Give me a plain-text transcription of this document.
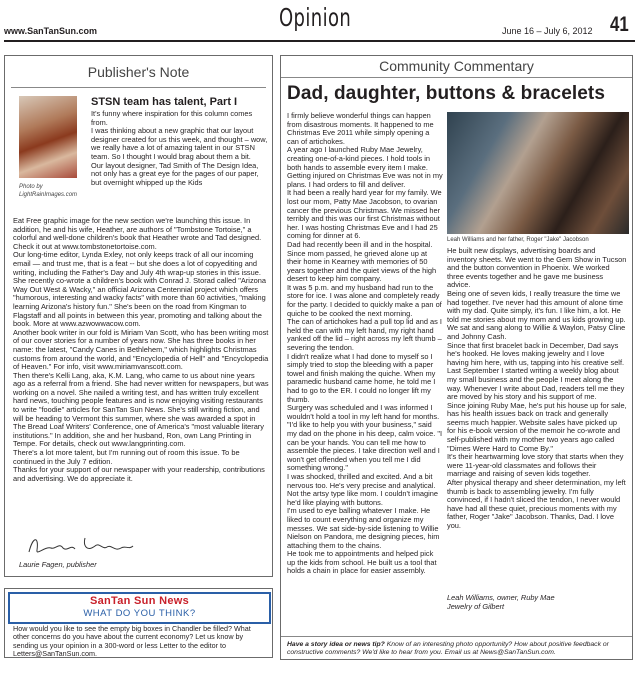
www.SanTanSun.com	Opinion	June 16 – July 6, 2012 41
Publisher's Note
Photo by LightRainImages.com
STSN team has talent, Part I
It's funny where inspiration for this column comes from.
I was thinking about a new graphic that our layout designer created for us this week, and thought – wow, we really have a lot of amazing talent in our STSN team. So I thought I would brag about them a bit.
Our layout designer, Tad Smith of The Design Idea, not only has a great eye for the pages of our paper, but overnight whipped up the Kids
Eat Free graphic image for the new section we're launching this issue. In addition, he and his wife, Heather, are authors of "Tombstone Tortoise," a colorful and well-done children's book that Heather wrote and Tad designed. Check it out at www.tombstonetortoise.com.
Our long-time editor, Lynda Exley, not only keeps track of all our incoming email — and trust me, that is a feat -- but she does a lot of copyediting and writing, including the Father's Day and July 4th wrap-up stories in this issue. She recently co-wrote a children's book with Conrad J. Storad called "Arizona Way Out West & Wacky," an official Arizona Centennial project which offers "humorous, interesting and wacky facts" with more than 60 activities, "making learning Arizona's history fun." She's been on the road from Kingman to Flagstaff and all points in between this year, promoting and talking about the book. More at www.azwowwacow.com.
Another book writer in our fold is Miriam Van Scott, who has been writing most of our cover stories for a number of years now. She has three books in her name: the latest, "Candy Canes in Bethlehem," which highlights Christmas customs from around the world, and "Encyclopedia of Hell" and "Encyclopedia of Heaven." For info, visit www.miriamvanscott.com.
Then there's Kelli Lang, aka, K.M. Lang, who came to us about nine years ago as a referral from a friend. She had never written for newspapers, but was working on a novel. She nailed a writing test, and has written truly excellent hard news, touching people features and is now enjoying visiting restaurants to write "foodie" articles for SanTan Sun News. She's still writing fiction, and will be heading to Vermont this summer, where she was awarded a spot in The Bread Loaf Writers' Conference, one of America's "most valuable literary institutions." In addition, she and her husband, Ron, own Lang Printing in Tempe. For details, check out www.langprinting.com.
There's a lot more talent, but I'm running out of room this issue. To be continued in the July 7 edition.
Thanks for your support of our newspaper with your readership, contributions and advertising. We do appreciate it.
Laurie Fagen, publisher
SanTan Sun News
WHAT DO YOU THINK?
How would you like to see the empty big boxes in Chandler be filled? What other concerns do you have about the current economy? Let us know by sending us your opinion in a 300-word or less Letter to the editor to Letters@SanTanSun.com.
Community Commentary
Dad, daughter, buttons & bracelets
I firmly believe wonderful things can happen from disastrous moments. It happened to me Christmas Eve 2011 while simply opening a can of artichokes.
A year ago I launched Ruby Mae Jewelry, creating one-of-a-kind pieces. I hold tools in both hands to assemble every item I make. Getting injured on Christmas Eve was not in my plans. I had orders to fill and deliver.
It had been a really hard year for my family. We lost our mom, Patty Mae Jacobson, to ovarian cancer the previous Christmas. We missed her terribly and this was our first Christmas without her. I was hosting Christmas Eve and I had 25 coming for dinner at 6.
Dad had recently been ill and in the hospital. Since mom passed, he grieved alone up at their home in Kearney with memories of 50 years together and the quiet views of the high desert to keep him company.
It was 5 p.m. and my husband had run to the store for ice. I was alone and completely ready for the party. I decided to quickly make a pan of quiche to be cooked the next morning.
The can of artichokes had a pull top lid and as I held the can with my left hand, my right hand yanked off the lid – right across my left thumb – severing the tendon.
I didn't realize what I had done to myself so I simply tried to stop the bleeding with a paper towel and finish making the quiche. When my paramedic husband came home, he told me I had to go to the ER. I could no longer lift my thumb.
Surgery was scheduled and I was informed I wouldn't hold a tool in my left hand for months.
"I'd like to help you with your business," said my dad on the phone in his deep, calm voice. "I can be your hands. You can tell me how to assemble the pieces. I take direction well and I won't get offended when you tell me I did something wrong."
I was shocked, thrilled and excited. And a bit nervous too. He's very precise and analytical. Not the artsy type like mom. I couldn't imagine he'd like playing with buttons.
I'm used to eye balling whatever I make. He liked to count everything and organize my messes. We sat side-by-side listening to Willie Nielson on Pandora, me designing pieces, him attaching them to the chains.
He took me to appointments and helped pick up the kids from school. He built us a tool that holds a chain in place for easier assembly.
Leah Williams and her father, Roger "Jake" Jacobson
He built new displays, advertising boards and inventory sheets. We went to the Gem Show in Tucson and the button convention in Phoenix. We worked three events together and he gave me business advice.
Being one of seven kids, I really treasure the time we had together. I've never had this amount of alone time with my dad. Quite simply, it's fun. I like him, a lot. He told me stories about my mom and us kids growing up. We sat and sang along to Willie & Waylon, Patsy Cline and Johnny Cash.
Since that first bracelet back in December, Dad says he's hooked. He loves making jewelry and I love having him here, with us, tapping into his creative self.
Last September I started writing a weekly blog about my small business and the people I meet along the way. Whenever I write about Dad, readers tell me they are moved by his story and his support of me.
Since joining Ruby Mae, he's put his house up for sale, has his health issues back on track and generally seems much happier. Website sales have picked up for his e-book version of the memoir he co-wrote and self-published with my mother two years ago called "Dimes Were Hard to Come By."
It's their heartwarming love story that starts when they were 11-year-old classmates and follows their marriage and raising of seven kids together.
After physical therapy and sheer determination, my left thumb is back to assembling jewelry. I'm fully convinced, if I hadn't sliced the tendon, I never would have had all these quiet, precious moments with my father, Roger "Jake" Jacobson. Thanks, Dad. I love you.
Leah Williams, owner, Ruby Mae
Jewelry of Gilbert
Have a story idea or news tip? Know of an interesting photo opportunity? How about positive feedback or constructive comments? We'd like to hear from you. Email us at News@SanTanSun.com.
